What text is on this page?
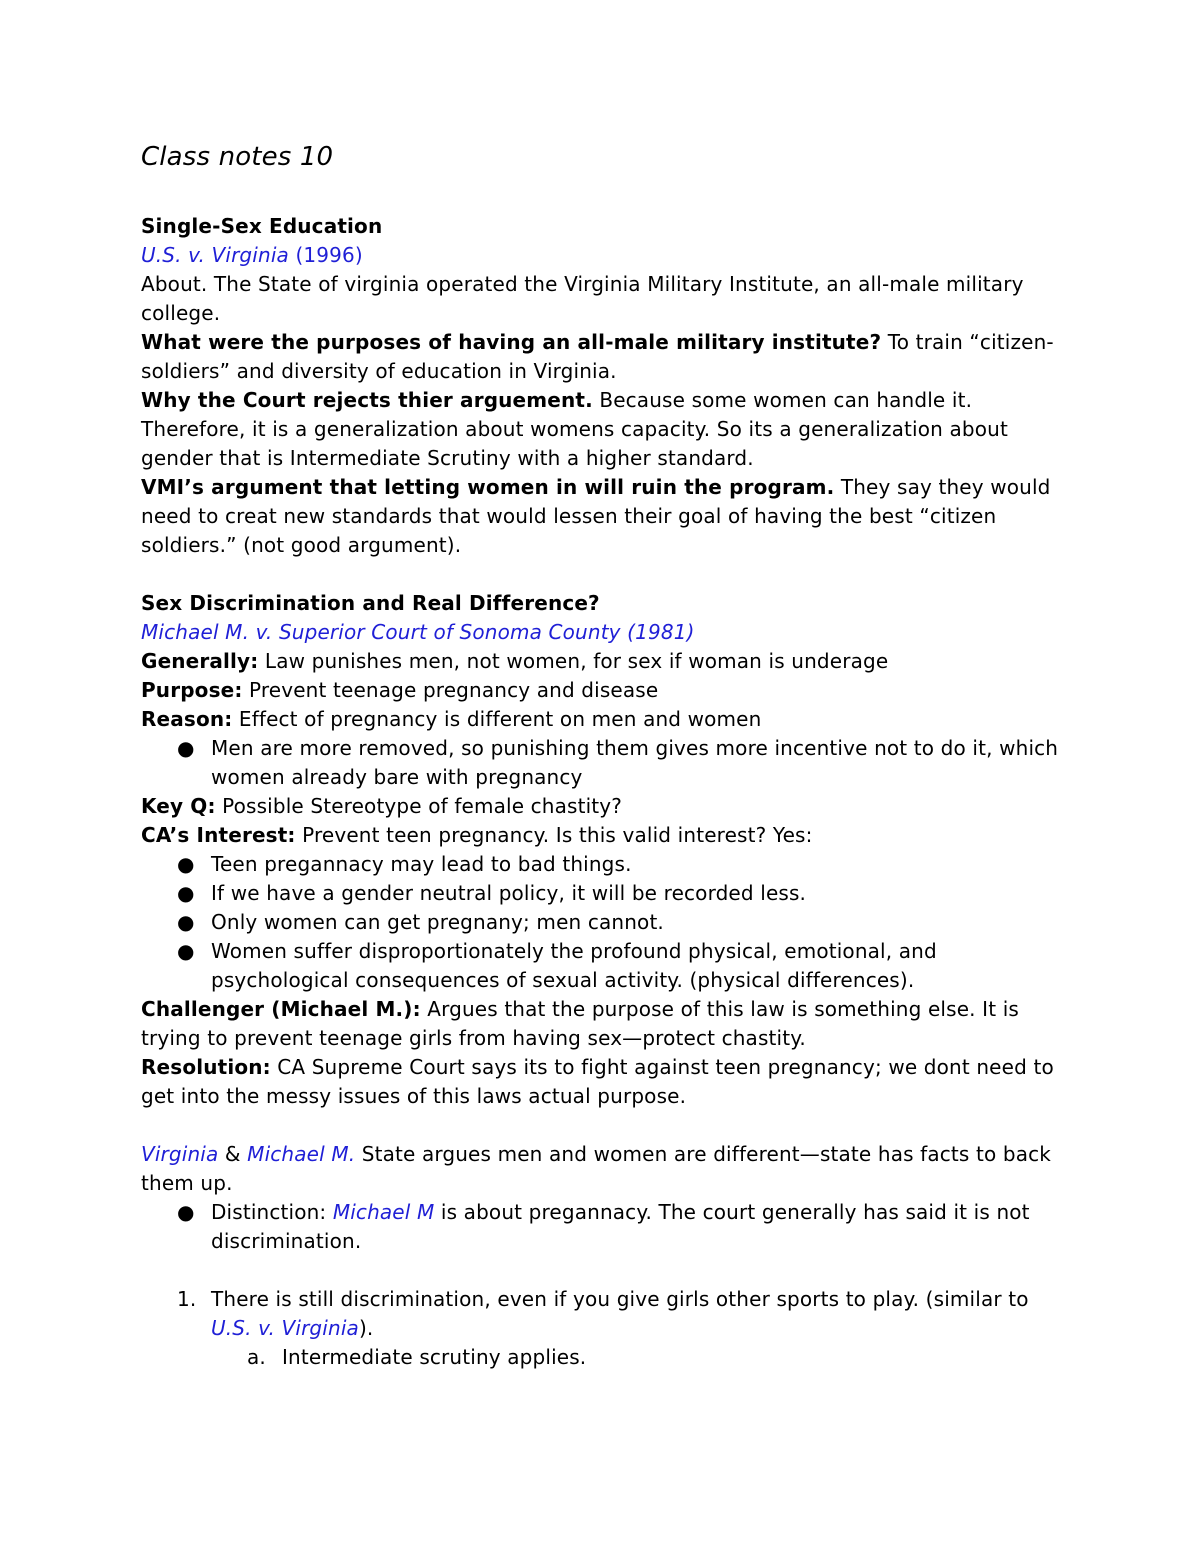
Class notes 10
Single-Sex Education
U.S. v. Virginia (1996)
About. The State of virginia operated the Virginia Military Institute, an all-male military college.
What were the purposes of having an all-male military institute? To train “citizen-soldiers” and diversity of education in Virginia.
Why the Court rejects thier arguement. Because some women can handle it. Therefore, it is a generalization about womens capacity. So its a generalization about gender that is Intermediate Scrutiny with a higher standard.
VMI’s argument that letting women in will ruin the program. They say they would need to creat new standards that would lessen their goal of having the best “citizen soldiers.” (not good argument).
Sex Discrimination and Real Difference?
Michael M. v. Superior Court of Sonoma County (1981)
Generally: Law punishes men, not women, for sex if woman is underage
Purpose: Prevent teenage pregnancy and disease
Reason: Effect of pregnancy is different on men and women
● Men are more removed, so punishing them gives more incentive not to do it, which women already bare with pregnancy
Key Q: Possible Stereotype of female chastity?
CA’s Interest: Prevent teen pregnancy. Is this valid interest? Yes:
● Teen pregannacy may lead to bad things.
● If we have a gender neutral policy, it will be recorded less.
● Only women can get pregnany; men cannot.
● Women suffer disproportionately the profound physical, emotional, and psychological consequences of sexual activity. (physical differences).
Challenger (Michael M.): Argues that the purpose of this law is something else. It is trying to prevent teenage girls from having sex—protect chastity.
Resolution: CA Supreme Court says its to fight against teen pregnancy; we dont need to get into the messy issues of this laws actual purpose.
Virginia & Michael M. State argues men and women are different—state has facts to back them up.
● Distinction: Michael M is about pregannacy. The court generally has said it is not discrimination.
1. There is still discrimination, even if you give girls other sports to play. (similar to U.S. v. Virginia).
a. Intermediate scrutiny applies.
